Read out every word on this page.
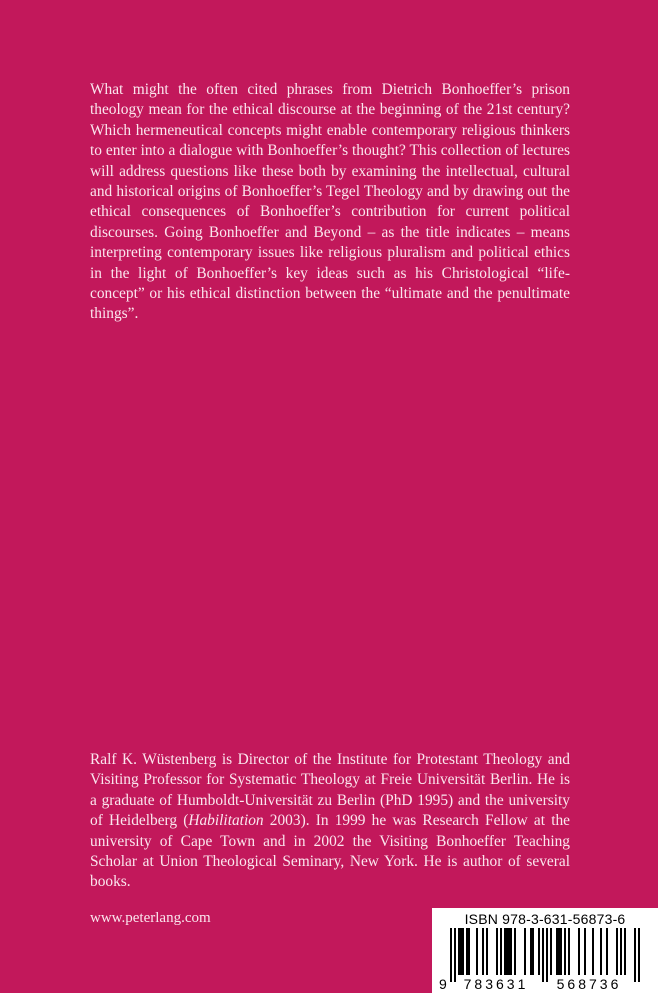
What might the often cited phrases from Dietrich Bonhoeffer’s prison theology mean for the ethical discourse at the beginning of the 21st century? Which hermeneutical concepts might enable contemporary religious thinkers to enter into a dialogue with Bonhoeffer’s thought? This collection of lectures will address questions like these both by examining the intellectual, cultural and historical origins of Bonhoeffer’s Tegel Theology and by drawing out the ethical consequences of Bonhoeffer’s contribution for current political discourses. Going Bonhoeffer and Beyond – as the title indicates – means interpreting contemporary issues like religious pluralism and political ethics in the light of Bonhoeffer’s key ideas such as his Christological “life-concept” or his ethical distinction between the “ultimate and the penultimate things”.

Ralf K. Wüstenberg is Director of the Institute for Protestant Theology and Visiting Professor for Systematic Theology at Freie Universität Berlin. He is a graduate of Humboldt-Universität zu Berlin (PhD 1995) and the university of Heidelberg (Habilitation 2003). In 1999 he was Research Fellow at the university of Cape Town and in 2002 the Visiting Bonhoeffer Teaching Scholar at Union Theological Seminary, New York. He is author of several books.

www.peterlang.com	ISBN 978-3-631-56873-6
9 783631 568736
